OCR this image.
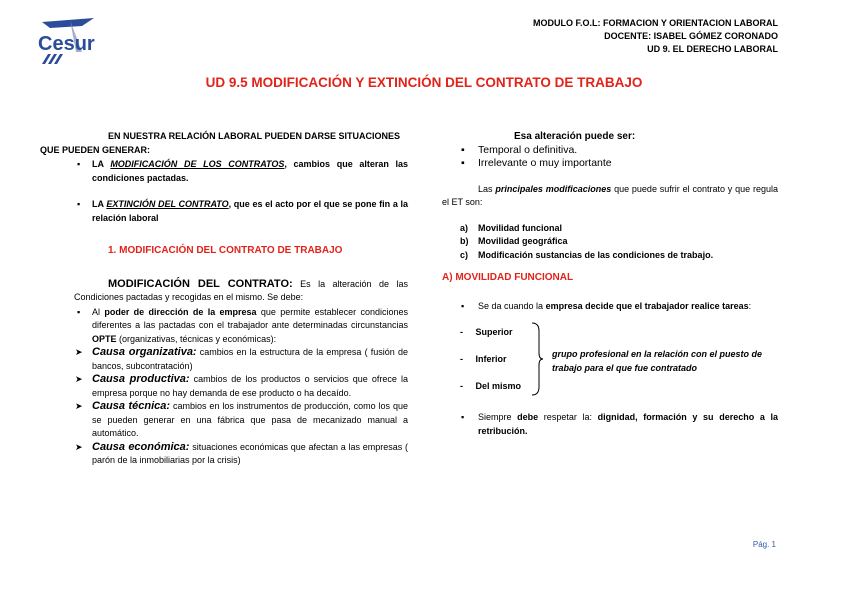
Cesur
MODULO F.O.L: FORMACION Y ORIENTACION LABORAL
DOCENTE: ISABEL GÓMEZ CORONADO
UD 9. EL DERECHO LABORAL
UD 9.5 MODIFICACIÓN Y EXTINCIÓN DEL CONTRATO DE TRABAJO
EN NUESTRA RELACIÓN LABORAL PUEDEN DARSE SITUACIONES
QUE PUEDEN GENERAR:
▪ LA MODIFICACIÓN DE LOS CONTRATOS, cambios que alteran las condiciones pactadas.
▪ LA EXTINCIÓN DEL CONTRATO, que es el acto por el que se pone fin a la relación laboral
1. MODIFICACIÓN DEL CONTRATO DE TRABAJO
MODIFICACIÓN DEL CONTRATO: Es la alteración de las Condiciones pactadas y recogidas en el mismo. Se debe:
▪ Al poder de dirección de la empresa que permite establecer condiciones diferentes a las pactadas con el trabajador ante determinadas circunstancias OPTE (organizativas, técnicas y económicas):
➤ Causa organizativa: cambios en la estructura de la empresa ( fusión de bancos, subcontratación)
➤ Causa productiva: cambios de los productos o servicios que ofrece la empresa porque no hay demanda de ese producto o ha decaído.
➤ Causa técnica: cambios en los instrumentos de producción, como los que se pueden generar en una fábrica que pasa de mecanizado manual a automático.
➤ Causa económica: situaciones económicas que afectan a las empresas ( parón de la inmobiliarias por la crisis)
Esa alteración puede ser:
▪ Temporal o definitiva.
▪ Irrelevante o muy importante
Las principales modificaciones que puede sufrir el contrato y que regula el ET son:
a) Movilidad funcional
b) Movilidad geográfica
c) Modificación sustancias de las condiciones de trabajo.
A) MOVILIDAD FUNCIONAL
▪ Se da cuando la empresa decide que el trabajador realice tareas:
-     Superior
-     Inferior
-     Del mismo
grupo profesional en la relación con el puesto de trabajo para el que fue contratado
▪ Siempre debe respetar la: dignidad, formación y su derecho a la retribución.
Pág. 1
